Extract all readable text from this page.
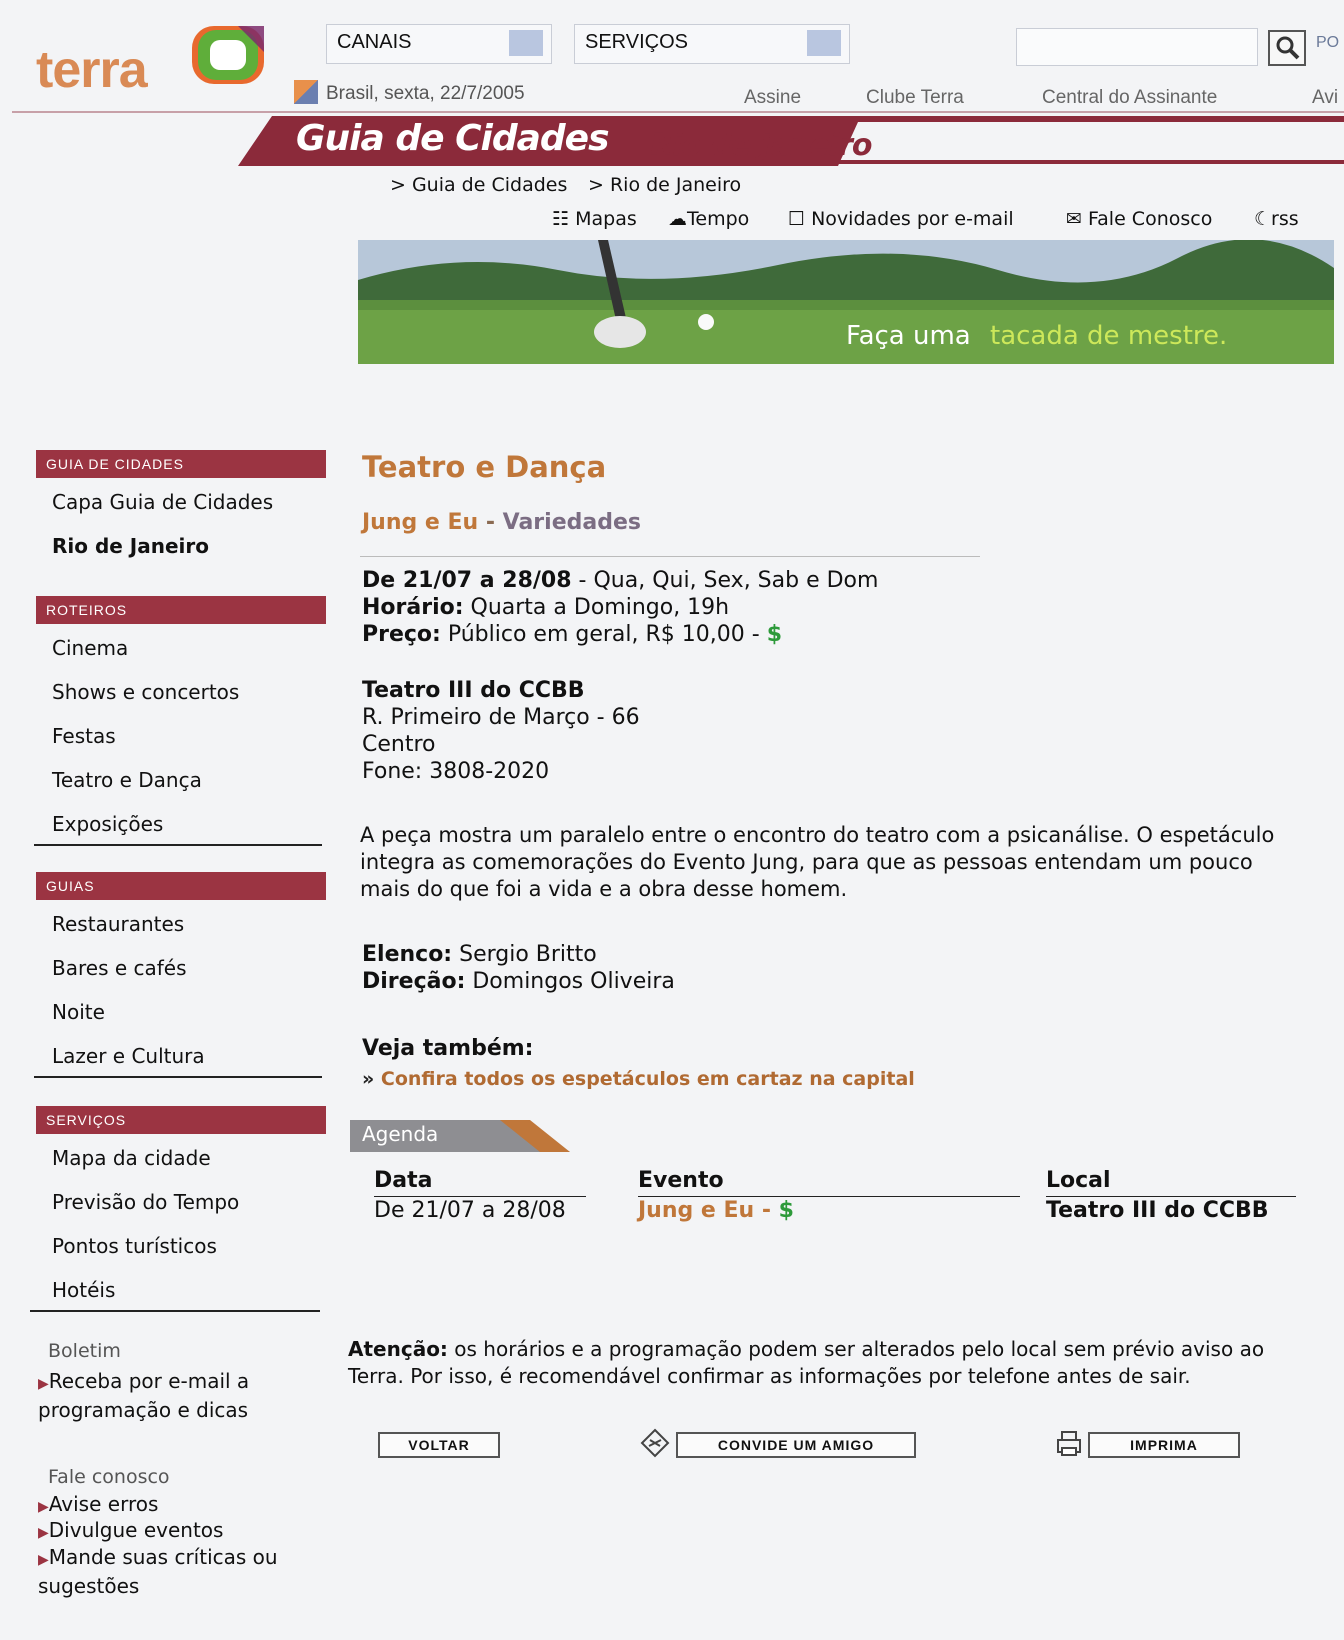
terra	CANAIS	SERVIÇOS	PO
Brasil, sexta, 22/7/2005	Assine	Clube Terra	Central do Assinante	Avi
Guia de Cidades Rio de Janeiro
> Guia de Cidades > Rio de Janeiro
☷ Mapas ☁Tempo ☐ Novidades por e-mail	✉ Fale Conosco ☾rss
Faça uma tacada de mestre.
GUIA DE CIDADES
Capa Guia de Cidades
Rio de Janeiro
ROTEIROS
Cinema
Shows e concertos
Festas
Teatro e Dança
Exposições
GUIAS
Restaurantes
Bares e cafés
Noite
Lazer e Cultura
SERVIÇOS
Mapa da cidade
Previsão do Tempo
Pontos turísticos
Hotéis
Boletim
▶Receba por e-mail a programação e dicas
Fale conosco
▶Avise erros
▶Divulgue eventos
▶Mande suas críticas ou sugestões
Teatro e Dança
Jung e Eu - Variedades
De 21/07 a 28/08 - Qua, Qui, Sex, Sab e Dom
Horário: Quarta a Domingo, 19h
Preço: Público em geral, R$ 10,00 - $
Teatro III do CCBB
R. Primeiro de Março - 66
Centro
Fone: 3808-2020
A peça mostra um paralelo entre o encontro do teatro com a psicanálise. O espetáculo integra as comemorações do Evento Jung, para que as pessoas entendam um pouco mais do que foi a vida e a obra desse homem.
Elenco: Sergio Britto
Direção: Domingos Oliveira
Veja também:
» Confira todos os espetáculos em cartaz na capital
Agenda
Data	Evento	Local
De 21/07 a 28/08	Jung e Eu - $	Teatro III do CCBB
Atenção: os horários e a programação podem ser alterados pelo local sem prévio aviso ao Terra. Por isso, é recomendável confirmar as informações por telefone antes de sair.
VOLTAR	CONVIDE UM AMIGO	IMPRIMA
